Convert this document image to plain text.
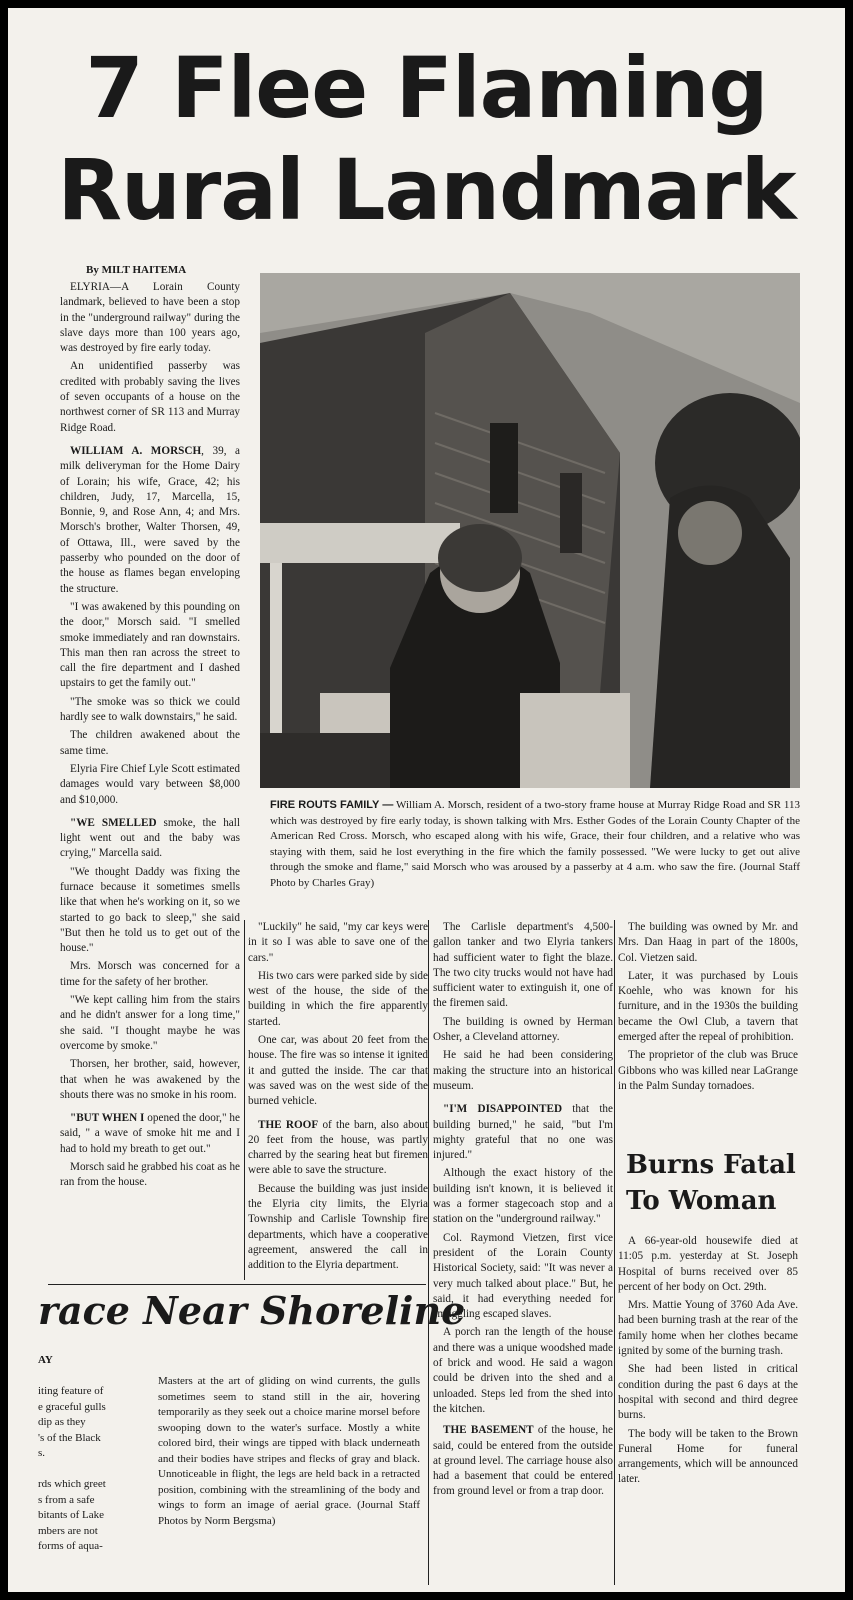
7 Flee Flaming
Rural Landmark
By MILT HAITEMA

ELYRIA—A Lorain County landmark, believed to have been a stop in the "underground railway" during the slave days more than 100 years ago, was destroyed by fire early today.

An unidentified passerby was credited with probably saving the lives of seven occupants of a house on the northwest corner of SR 113 and Murray Ridge Road.

WILLIAM A. MORSCH, 39, a milk deliveryman for the Home Dairy of Lorain; his wife, Grace, 42; his children, Judy, 17, Marcella, 15, Bonnie, 9, and Rose Ann, 4; and Mrs. Morsch's brother, Walter Thorsen, 49, of Ottawa, Ill., were saved by the passerby who pounded on the door of the house as flames began enveloping the structure.

"I was awakened by this pounding on the door," Morsch said. "I smelled smoke immediately and ran downstairs. This man then ran across the street to call the fire department and I dashed upstairs to get the family out."

"The smoke was so thick we could hardly see to walk downstairs," he said.

The children awakened about the same time.

Elyria Fire Chief Lyle Scott estimated damages would vary between $8,000 and $10,000.

"WE SMELLED smoke, the hall light went out and the baby was crying," Marcella said.

"We thought Daddy was fixing the furnace because it sometimes smells like that when he's working on it, so we started to go back to sleep," she said "But then he told us to get out of the house."

Mrs. Morsch was concerned for a time for the safety of her brother.

"We kept calling him from the stairs and he didn't answer for a long time," she said. "I thought maybe he was overcome by smoke."

Thorsen, her brother, said, however, that when he was awakened by the shouts there was no smoke in his room.

"BUT WHEN I opened the door," he said, " a wave of smoke hit me and I had to hold my breath to get out."

Morsch said he grabbed his coat as he ran from the house.

FIRE ROUTS FAMILY — William A. Morsch, resident of a two-story frame house at Murray Ridge Road and SR 113 which was destroyed by fire early today, is shown talking with Mrs. Esther Godes of the Lorain County Chapter of the American Red Cross. Morsch, who escaped along with his wife, Grace, their four children, and a relative who was staying with them, said he lost everything in the fire which the family possessed. "We were lucky to get out alive through the smoke and flame," said Morsch who was aroused by a passerby at 4 a.m. who saw the fire. (Journal Staff Photo by Charles Gray)

"Luckily" he said, "my car keys were in it so I was able to save one of the cars."

His two cars were parked side by side west of the house, the side of the building in which the fire apparently started.

One car, was about 20 feet from the house. The fire was so intense it ignited it and gutted the inside. The car that was saved was on the west side of the burned vehicle.

THE ROOF of the barn, also about 20 feet from the house, was partly charred by the searing heat but firemen were able to save the structure.

Because the building was just inside the Elyria city limits, the Elyria Township and Carlisle Township fire departments, which have a cooperative agreement, answered the call in addition to the Elyria department.

The Carlisle department's 4,500-gallon tanker and two Elyria tankers had sufficient water to fight the blaze. The two city trucks would not have had sufficient water to extinguish it, one of the firemen said.

The building is owned by Herman Osher, a Cleveland attorney.

He said he had been considering making the structure into an historical museum.

"I'M DISAPPOINTED that the building burned," he said, "but I'm mighty grateful that no one was injured."

Although the exact history of the building isn't known, it is believed it was a former stagecoach stop and a station on the "underground railway."

Col. Raymond Vietzen, first vice president of the Lorain County Historical Society, said: "It was never a very much talked about place." But, he said, it had everything needed for smuggling escaped slaves.

A porch ran the length of the house and there was a unique woodshed made of brick and wood. He said a wagon could be driven into the shed and a unloaded. Steps led from the shed into the kitchen.

THE BASEMENT of the house, he said, could be entered from the outside at ground level. The carriage house also had a basement that could be entered from ground level or from a trap door.

The building was owned by Mr. and Mrs. Dan Haag in part of the 1800s, Col. Vietzen said.

Later, it was purchased by Louis Koehle, who was known for his furniture, and in the 1930s the building became the Owl Club, a tavern that emerged after the repeal of prohibition.

The proprietor of the club was Bruce Gibbons who was killed near LaGrange in the Palm Sunday tornadoes.

Burns Fatal
To Woman

A 66-year-old housewife died at 11:05 p.m. yesterday at St. Joseph Hospital of burns received over 85 percent of her body on Oct. 29th.

Mrs. Mattie Young of 3760 Ada Ave. had been burning trash at the rear of the family home when her clothes became ignited by some of the burning trash.

She had been listed in critical condition during the past 6 days at the hospital with second and third degree burns.

The body will be taken to the Brown Funeral Home for funeral arrangements, which will be announced later.

race Near Shoreline
AY
iting feature of
e graceful gulls
dip as they
's of the Black
s.
rds which greet
s from a safe
bitants of Lake
mbers are not
forms of aqua-

Masters at the art of gliding on wind currents, the gulls sometimes seem to stand still in the air, hovering temporarily as they seek out a choice marine morsel before swooping down to the water's surface. Mostly a white colored bird, their wings are tipped with black underneath and their bodies have stripes and flecks of gray and black. Unnoticeable in flight, the legs are held back in a retracted position, combining with the streamlining of the body and wings to form an image of aerial grace. (Journal Staff Photos by Norm Bergsma)
